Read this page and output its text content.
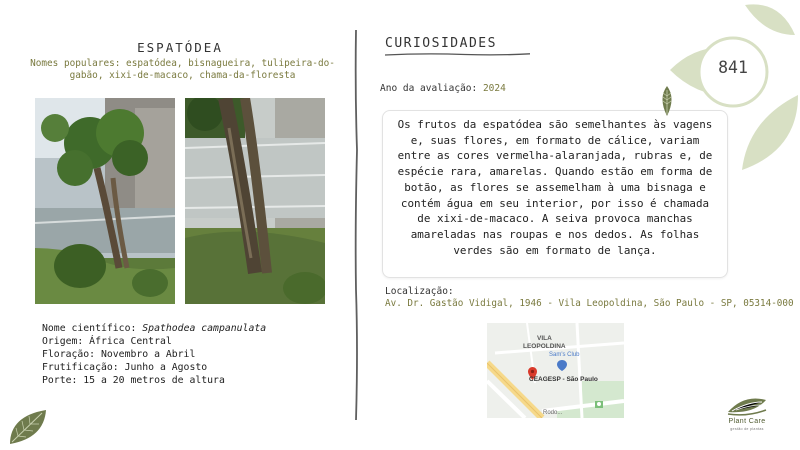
ESPATÓDEA
Nomes populares: espatódea, bisnagueira, tulipeira-do-gabão, xixi-de-macaco, chama-da-floresta
Nome científico: Spathodea campanulata
Origem: África Central
Floração: Novembro a Abril
Frutificação: Junho a Agosto
Porte: 15 a 20 metros de altura
CURIOSIDADES
Ano da avaliação: 2024
Os frutos da espatódea são semelhantes às vagens e, suas flores, em formato de cálice, variam entre as cores vermelha-alaranjada, rubras e, de espécie rara, amarelas. Quando estão em forma de botão, as flores se assemelham à uma bisnaga e contém água em seu interior, por isso é chamada de xixi-de-macaco. A seiva provoca manchas amareladas nas roupas e nos dedos. As folhas verdes são em formato de lança.
Localização:
Av. Dr. Gastão Vidigal, 1946 - Vila Leopoldina, São Paulo - SP, 05314-000
VILA
LEOPOLDINA
Sam's Club
CEAGESP - São Paulo
Rodo...
841
Plant Care
gestão de plantas
